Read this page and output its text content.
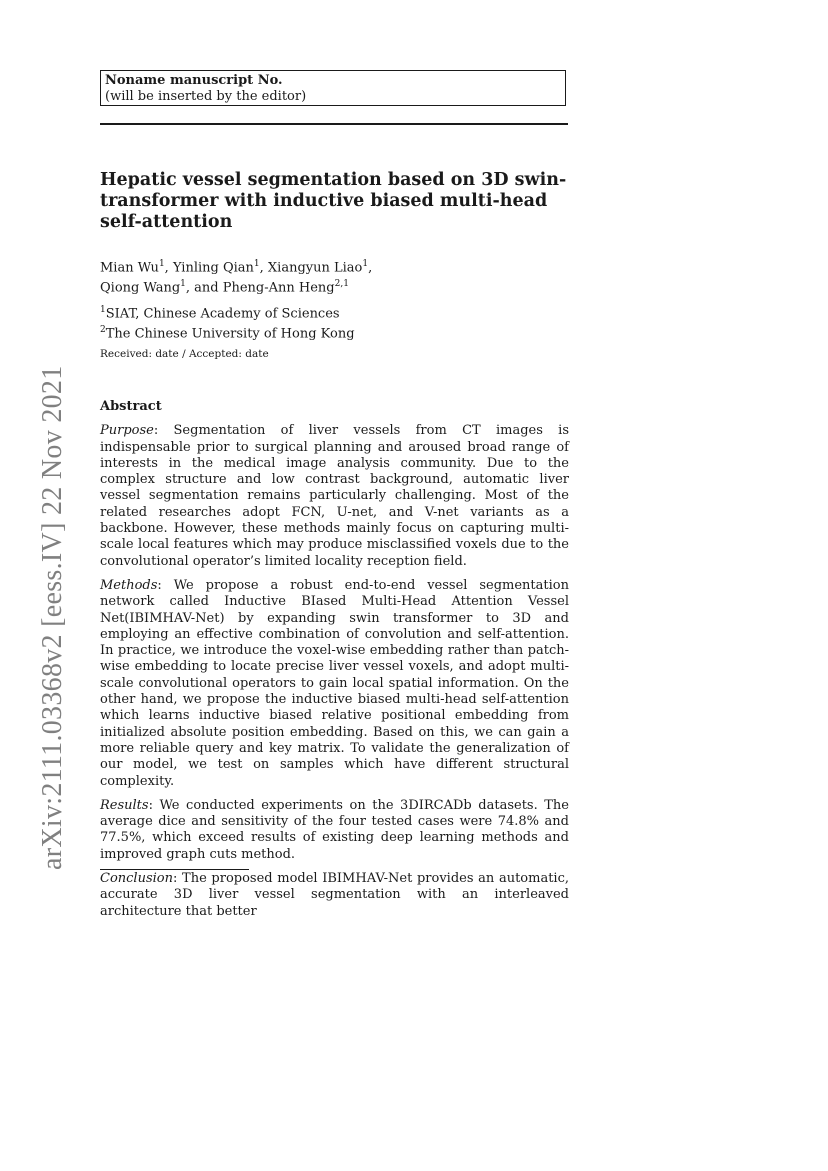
arXiv:2111.03368v2 [eess.IV] 22 Nov 2021
Noname manuscript No.
(will be inserted by the editor)
Hepatic vessel segmentation based on 3D swin-transformer with inductive biased multi-head self-attention
Mian Wu$^1$, Yinling Qian$^1$, Xiangyun Liao$^1$,
Qiong Wang$^1$, and Pheng-Ann Heng$^{2,1}$
$^1$SIAT, Chinese Academy of Sciences
$^2$The Chinese University of Hong Kong
Received: date / Accepted: date

Abstract

Purpose: Segmentation of liver vessels from CT images is indispensable prior to surgical planning and aroused broad range of interests in the medical image analysis community. Due to the complex structure and low contrast background, automatic liver vessel segmentation remains particularly challenging. Most of the related researches adopt FCN, U-net, and V-net variants as a backbone. However, these methods mainly focus on capturing multi-scale local features which may produce misclassified voxels due to the convolutional operator’s limited locality reception field.

Methods: We propose a robust end-to-end vessel segmentation network called Inductive BIased Multi-Head Attention Vessel Net(IBIMHAV-Net) by expanding swin transformer to 3D and employing an effective combination of convolution and self-attention. In practice, we introduce the voxel-wise embedding rather than patch-wise embedding to locate precise liver vessel voxels, and adopt multi-scale convolutional operators to gain local spatial information. On the other hand, we propose the inductive biased multi-head self-attention which learns inductive biased relative positional embedding from initialized absolute position embedding. Based on this, we can gain a more reliable query and key matrix. To validate the generalization of our model, we test on samples which have different structural complexity.

Results: We conducted experiments on the 3DIRCADb datasets. The average dice and sensitivity of the four tested cases were 74.8% and 77.5%, which exceed results of existing deep learning methods and improved graph cuts method.

Conclusion: The proposed model IBIMHAV-Net provides an automatic, accurate 3D liver vessel segmentation with an interleaved architecture that better
